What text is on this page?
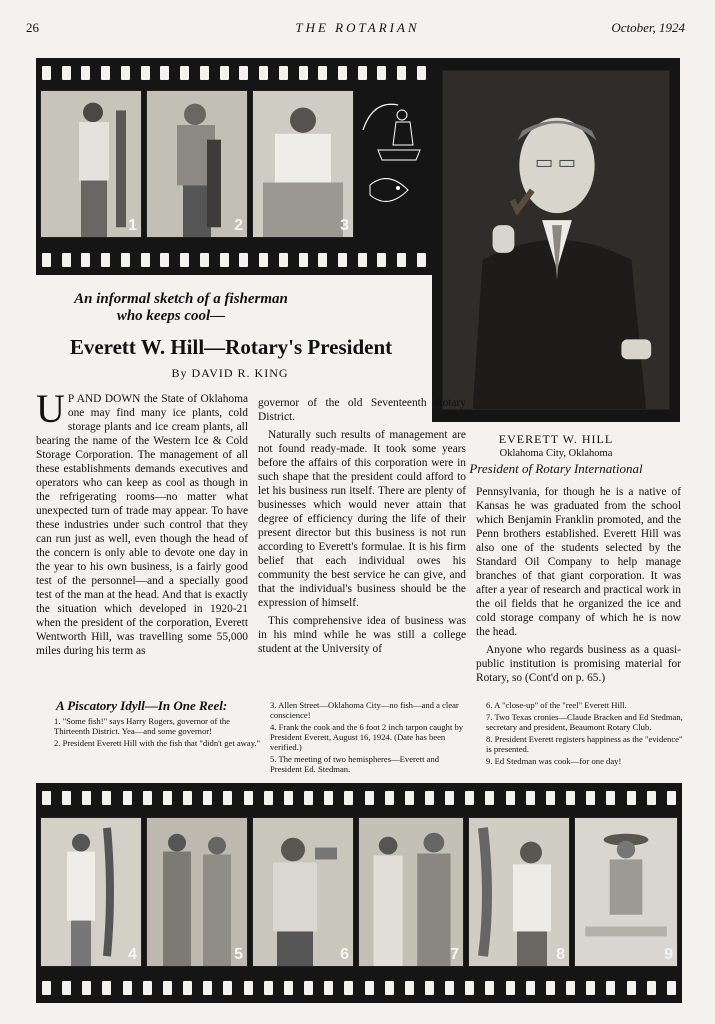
26	THE ROTARIAN	October, 1924
1	2	3
EVERETT W. HILL
Oklahoma City, Oklahoma
President of Rotary International
An informal sketch of a fisherman
who keeps cool—
Everett W. Hill—Rotary's President
By DAVID R. KING

U P AND DOWN the State of Oklahoma one may find many ice plants, cold storage plants and ice cream plants, all bearing the name of the Western Ice & Cold Storage Corporation. The management of all these establishments demands executives and operators who can keep as cool as though in the refrigerating rooms—no matter what unexpected turn of trade may appear. To have these industries under such control that they can run just as well, even though the head of the concern is only able to devote one day in the year to his own business, is a fairly good test of the personnel—and a specially good test of the man at the head. And that is exactly the situation which developed in 1920-21 when the president of the corporation, Everett Wentworth Hill, was travelling some 55,000 miles during his term as

governor of the old Seventeenth Rotary District.

Naturally such results of management are not found ready-made. It took some years before the affairs of this corporation were in such shape that the president could afford to let his business run itself. There are plenty of businesses which would never attain that degree of efficiency during the life of their present director but this business is not run according to Everett's formulae. It is his firm belief that each individual owes his community the best service he can give, and that the individual's business should be the expression of himself.

This comprehensive idea of business was in his mind while he was still a college student at the University of

Pennsylvania, for though he is a native of Kansas he was graduated from the school which Benjamin Franklin promoted, and the Penn brothers established. Everett Hill was also one of the students selected by the Standard Oil Company to help manage branches of that giant corporation. It was after a year of research and practical work in the oil fields that he organized the ice and cold storage company of which he is now the head.

Anyone who regards business as a quasi-public institution is promising material for Rotary, so (Cont'd on p. 65.)

A Piscatory Idyll—In One Reel:
1. "Some fish!" says Harry Rogers, governor of the Thirteenth District. Yea—and some governor!
2. President Everett Hill with the fish that "didn't get away."
3. Allen Street—Oklahoma City—no fish—and a clear conscience!
4. Frank the cook and the 6 foot 2 inch tarpon caught by President Everett, August 16, 1924. (Date has been verified.)
5. The meeting of two hemispheres—Everett and President Ed. Stedman.
6. A "close-up" of the "reel" Everett Hill.
7. Two Texas cronies—Claude Bracken and Ed Stedman, secretary and president, Beaumont Rotary Club.
8. President Everett registers happiness as the "evidence" is presented.
9. Ed Stedman was cook—for one day!
4	5	6	7	8	9
